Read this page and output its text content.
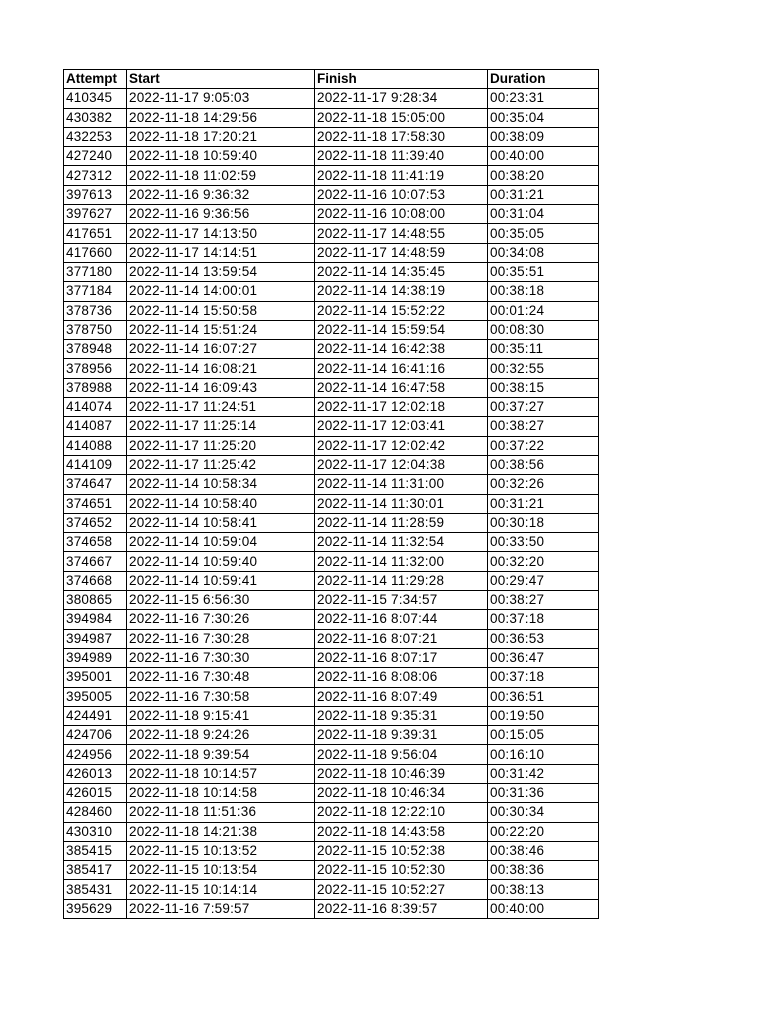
Attempt	Start	Finish	Duration
410345	2022-11-17 9:05:03	2022-11-17 9:28:34	00:23:31
430382	2022-11-18 14:29:56	2022-11-18 15:05:00	00:35:04
432253	2022-11-18 17:20:21	2022-11-18 17:58:30	00:38:09
427240	2022-11-18 10:59:40	2022-11-18 11:39:40	00:40:00
427312	2022-11-18 11:02:59	2022-11-18 11:41:19	00:38:20
397613	2022-11-16 9:36:32	2022-11-16 10:07:53	00:31:21
397627	2022-11-16 9:36:56	2022-11-16 10:08:00	00:31:04
417651	2022-11-17 14:13:50	2022-11-17 14:48:55	00:35:05
417660	2022-11-17 14:14:51	2022-11-17 14:48:59	00:34:08
377180	2022-11-14 13:59:54	2022-11-14 14:35:45	00:35:51
377184	2022-11-14 14:00:01	2022-11-14 14:38:19	00:38:18
378736	2022-11-14 15:50:58	2022-11-14 15:52:22	00:01:24
378750	2022-11-14 15:51:24	2022-11-14 15:59:54	00:08:30
378948	2022-11-14 16:07:27	2022-11-14 16:42:38	00:35:11
378956	2022-11-14 16:08:21	2022-11-14 16:41:16	00:32:55
378988	2022-11-14 16:09:43	2022-11-14 16:47:58	00:38:15
414074	2022-11-17 11:24:51	2022-11-17 12:02:18	00:37:27
414087	2022-11-17 11:25:14	2022-11-17 12:03:41	00:38:27
414088	2022-11-17 11:25:20	2022-11-17 12:02:42	00:37:22
414109	2022-11-17 11:25:42	2022-11-17 12:04:38	00:38:56
374647	2022-11-14 10:58:34	2022-11-14 11:31:00	00:32:26
374651	2022-11-14 10:58:40	2022-11-14 11:30:01	00:31:21
374652	2022-11-14 10:58:41	2022-11-14 11:28:59	00:30:18
374658	2022-11-14 10:59:04	2022-11-14 11:32:54	00:33:50
374667	2022-11-14 10:59:40	2022-11-14 11:32:00	00:32:20
374668	2022-11-14 10:59:41	2022-11-14 11:29:28	00:29:47
380865	2022-11-15 6:56:30	2022-11-15 7:34:57	00:38:27
394984	2022-11-16 7:30:26	2022-11-16 8:07:44	00:37:18
394987	2022-11-16 7:30:28	2022-11-16 8:07:21	00:36:53
394989	2022-11-16 7:30:30	2022-11-16 8:07:17	00:36:47
395001	2022-11-16 7:30:48	2022-11-16 8:08:06	00:37:18
395005	2022-11-16 7:30:58	2022-11-16 8:07:49	00:36:51
424491	2022-11-18 9:15:41	2022-11-18 9:35:31	00:19:50
424706	2022-11-18 9:24:26	2022-11-18 9:39:31	00:15:05
424956	2022-11-18 9:39:54	2022-11-18 9:56:04	00:16:10
426013	2022-11-18 10:14:57	2022-11-18 10:46:39	00:31:42
426015	2022-11-18 10:14:58	2022-11-18 10:46:34	00:31:36
428460	2022-11-18 11:51:36	2022-11-18 12:22:10	00:30:34
430310	2022-11-18 14:21:38	2022-11-18 14:43:58	00:22:20
385415	2022-11-15 10:13:52	2022-11-15 10:52:38	00:38:46
385417	2022-11-15 10:13:54	2022-11-15 10:52:30	00:38:36
385431	2022-11-15 10:14:14	2022-11-15 10:52:27	00:38:13
395629	2022-11-16 7:59:57	2022-11-16 8:39:57	00:40:00
